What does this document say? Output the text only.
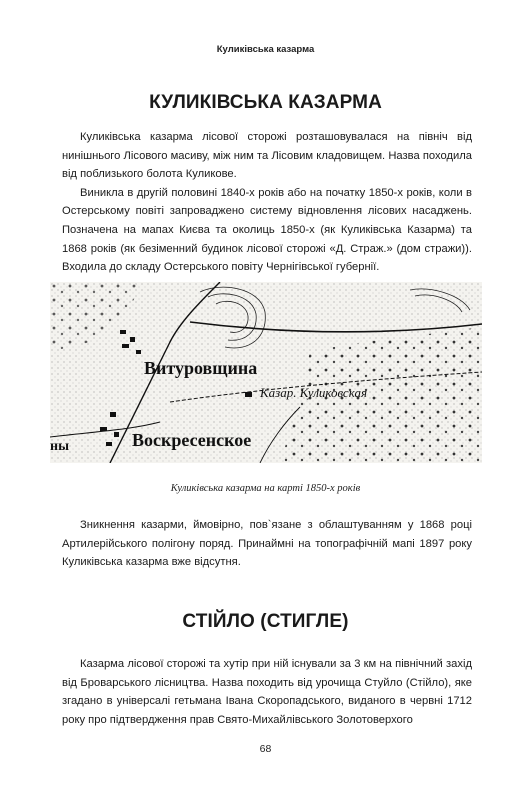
Куликівська казарма
КУЛИКІВСЬКА КАЗАРМА

Куликівська казарма лісової сторожі розташовувалася на північ від нинішнього Лісового масиву, між ним та Лісовим кладовищем. Назва походила від поблизького болота Куликове.

Виникла в другій половині 1840-х років або на початку 1850-х років, коли в Остерському повіті запроваджено систему відновлення лісових насаджень. Позначена на мапах Києва та околиць 1850-х (як Куликівська Казарма) та 1868 років (як безіменний будинок лісової сторожі «Д. Страж.» (дом стражи)). Входила до складу Остерського повіту Чернігівської губернії.

Витуровщина
Казар. Куликовская
Воскресенское
ны
Куликівська казарма на карті 1850-х років

Зникнення казарми, ймовірно, пов`язане з облаштуванням у 1868 році Артилерійського полігону поряд. Принаймні на топографічній мапі 1897 року Куликівська казарма вже відсутня.

СТІЙЛО (СТИГЛЕ)

Казарма лісової сторожі та хутір при ній існували за 3 км на північний захід від Броварського лісництва. Назва походить від урочища Стуйло (Стійло), яке згадано в універсалі гетьмана Івана Скоропадського, виданого в червні 1712 року про підтвердження прав Свято-Михайлівського Золотоверхого

68
